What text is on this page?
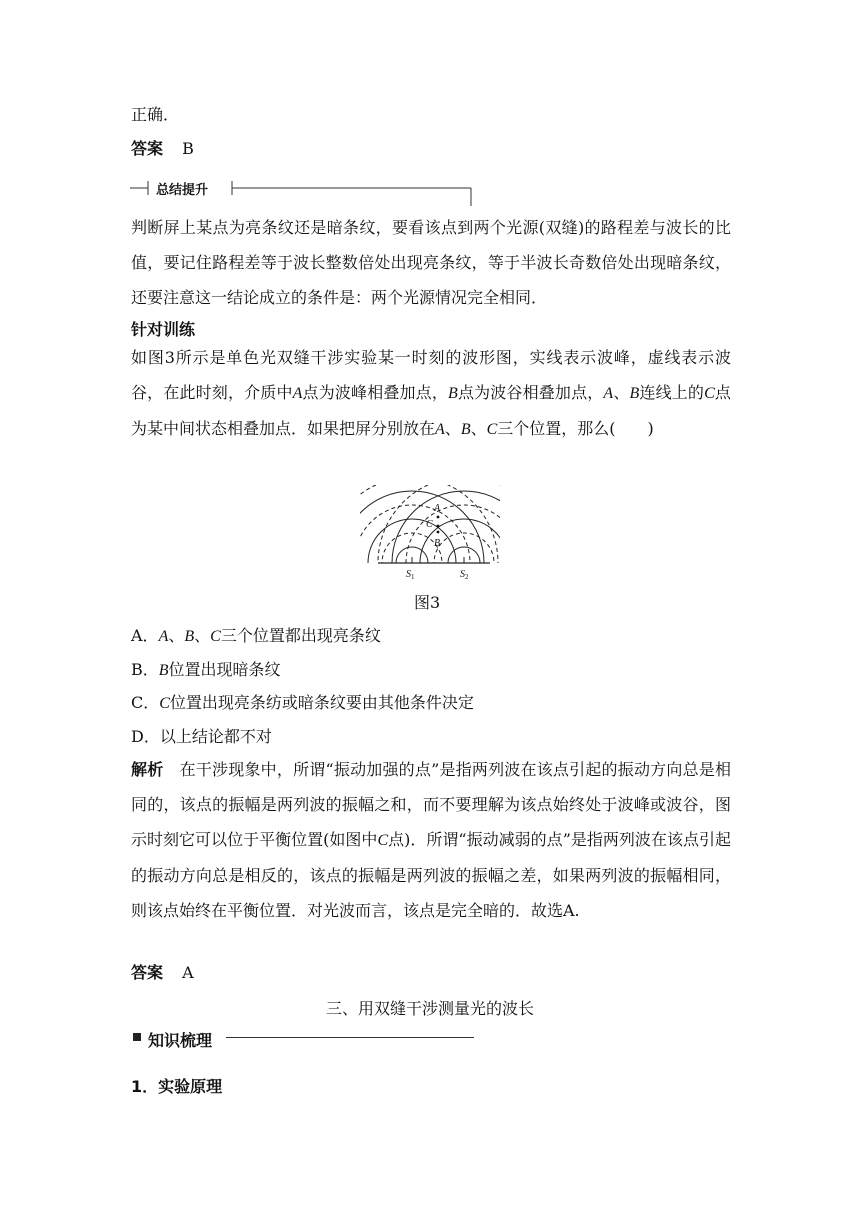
正确．
答案 B
总结提升
判断屏上某点为亮条纹还是暗条纹，要看该点到两个光源(双缝)的路程差与波长的比值，要记住路程差等于波长整数倍处出现亮条纹，等于半波长奇数倍处出现暗条纹，还要注意这一结论成立的条件是：两个光源情况完全相同．
针对训练
如图3所示是单色光双缝干涉实验某一时刻的波形图，实线表示波峰，虚线表示波谷，在此时刻，介质中A点为波峰相叠加点，B点为波谷相叠加点，A、B连线上的C点为某中间状态相叠加点．如果把屏分别放在A、B、C三个位置，那么(　　)
A
C
B
$S_1$	$S_2$
图3
A．A、B、C三个位置都出现亮条纹
B．B位置出现暗条纹
C．C位置出现亮条纺或暗条纹要由其他条件决定
D．以上结论都不对
解析　在干涉现象中，所谓“振动加强的点”是指两列波在该点引起的振动方向总是相同的，该点的振幅是两列波的振幅之和，而不要理解为该点始终处于波峰或波谷，图示时刻它可以位于平衡位置(如图中C点)．所谓“振动减弱的点”是指两列波在该点引起的振动方向总是相反的，该点的振幅是两列波的振幅之差，如果两列波的振幅相同，则该点始终在平衡位置．对光波而言，该点是完全暗的．故选A.
答案 A
三、用双缝干涉测量光的波长
知识梳理
1．实验原理
